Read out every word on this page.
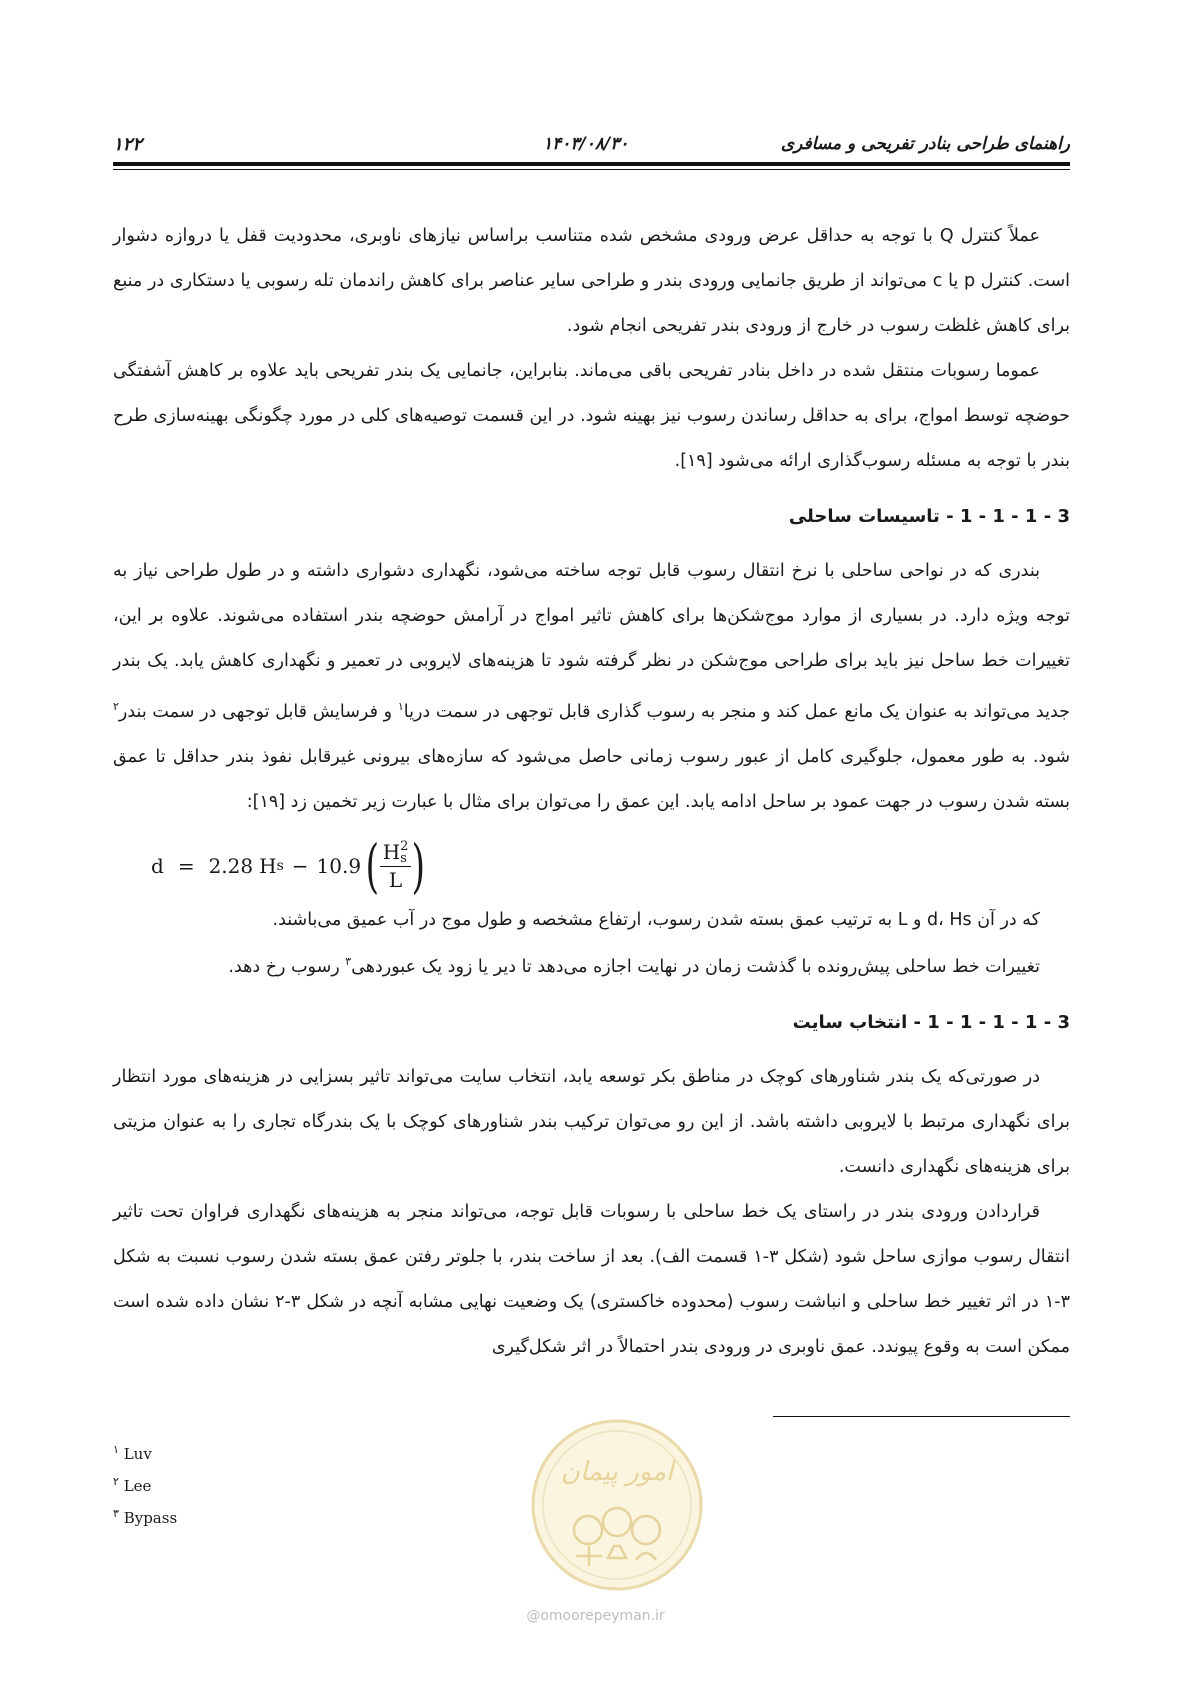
راهنمای طراحی بنادر تفریحی و مسافری
۱۴۰۳/۰۸/۳۰
۱۲۲

عملاً کنترل Q با توجه به حداقل عرض ورودی مشخص شده متناسب براساس نیازهای ناوبری، محدودیت قفل یا دروازه دشوار است. کنترل p یا c می‌تواند از طریق جانمایی ورودی بندر و طراحی سایر عناصر برای کاهش راندمان تله رسوبی یا دستکاری در منبع برای کاهش غلظت رسوب در خارج از ورودی بندر تفریحی انجام شود.

عموما رسوبات منتقل شده در داخل بنادر تفریحی باقی می‌ماند. بنابراین، جانمایی یک بندر تفریحی باید علاوه بر کاهش آشفتگی حوضچه توسط امواج، برای به حداقل رساندن رسوب نیز بهینه شود. در این قسمت توصیه‌های کلی در مورد چگونگی بهینه‌سازی طرح بندر با توجه به مسئله رسوب‌گذاری ارائه می‌شود [۱۹].

3 - 1 - 1 - 1 - تاسیسات ساحلی

بندری که در نواحی ساحلی با نرخ انتقال رسوب قابل توجه ساخته می‌شود، نگهداری دشواری داشته و در طول طراحی نیاز به توجه ویژه دارد. در بسیاری از موارد موج‌شکن‌ها برای کاهش تاثیر امواج در آرامش حوضچه بندر استفاده می‌شوند. علاوه بر این، تغییرات خط ساحل نیز باید برای طراحی موج‌شکن در نظر گرفته شود تا هزینه‌های لایروبی در تعمیر و نگهداری کاهش یابد. یک بندر جدید می‌تواند به عنوان یک مانع عمل کند و منجر به رسوب گذاری قابل توجهی در سمت دریا$^۱$ و فرسایش قابل توجهی در سمت بندر$^۲$ شود. به طور معمول، جلوگیری کامل از عبور رسوب زمانی حاصل می‌شود که سازه‌های بیرونی غیرقابل نفوذ بندر حداقل تا عمق بسته شدن رسوب در جهت عمود بر ساحل ادامه یابد. این عمق را می‌توان برای مثال با عبارت زیر تخمین زد [۱۹]:

d = 2.28 H s − 10.9 ( H 2
s
L )

که در آن d، Hs و L به ترتیب عمق بسته شدن رسوب، ارتفاع مشخصه و طول موج در آب عمیق می‌باشند.

تغییرات خط ساحلی پیش‌رونده با گذشت زمان در نهایت اجازه می‌دهد تا دیر یا زود یک عبوردهی$^۳$ رسوب رخ دهد.

3 - 1 - 1 - 1 - 1 - انتخاب سایت

در صورتی‌که یک بندر شناورهای کوچک در مناطق بکر توسعه یابد، انتخاب سایت می‌تواند تاثیر بسزایی در هزینه‌های مورد انتظار برای نگهداری مرتبط با لایروبی داشته باشد. از این رو می‌توان ترکیب بندر شناورهای کوچک با یک بندرگاه تجاری را به عنوان مزیتی برای هزینه‌های نگهداری دانست.

قراردادن ورودی بندر در راستای یک خط ساحلی با رسوبات قابل توجه، می‌تواند منجر به هزینه‌های نگهداری فراوان تحت تاثیر انتقال رسوب موازی ساحل شود (شکل ۳-۱ قسمت الف). بعد از ساخت بندر، با جلوتر رفتن عمق بسته شدن رسوب نسبت به شکل ۳-۱ در اثر تغییر خط ساحلی و انباشت رسوب (محدوده خاکستری) یک وضعیت نهایی مشابه آنچه در شکل ۳-۲ نشان داده شده است ممکن است به وقوع پیوندد. عمق ناوبری در ورودی بندر احتمالاً در اثر شکل‌گیری

$^۱$ Luv
$^۲$ Lee
$^۳$ Bypass
امور پیمان
@omoorepeyman.ir
